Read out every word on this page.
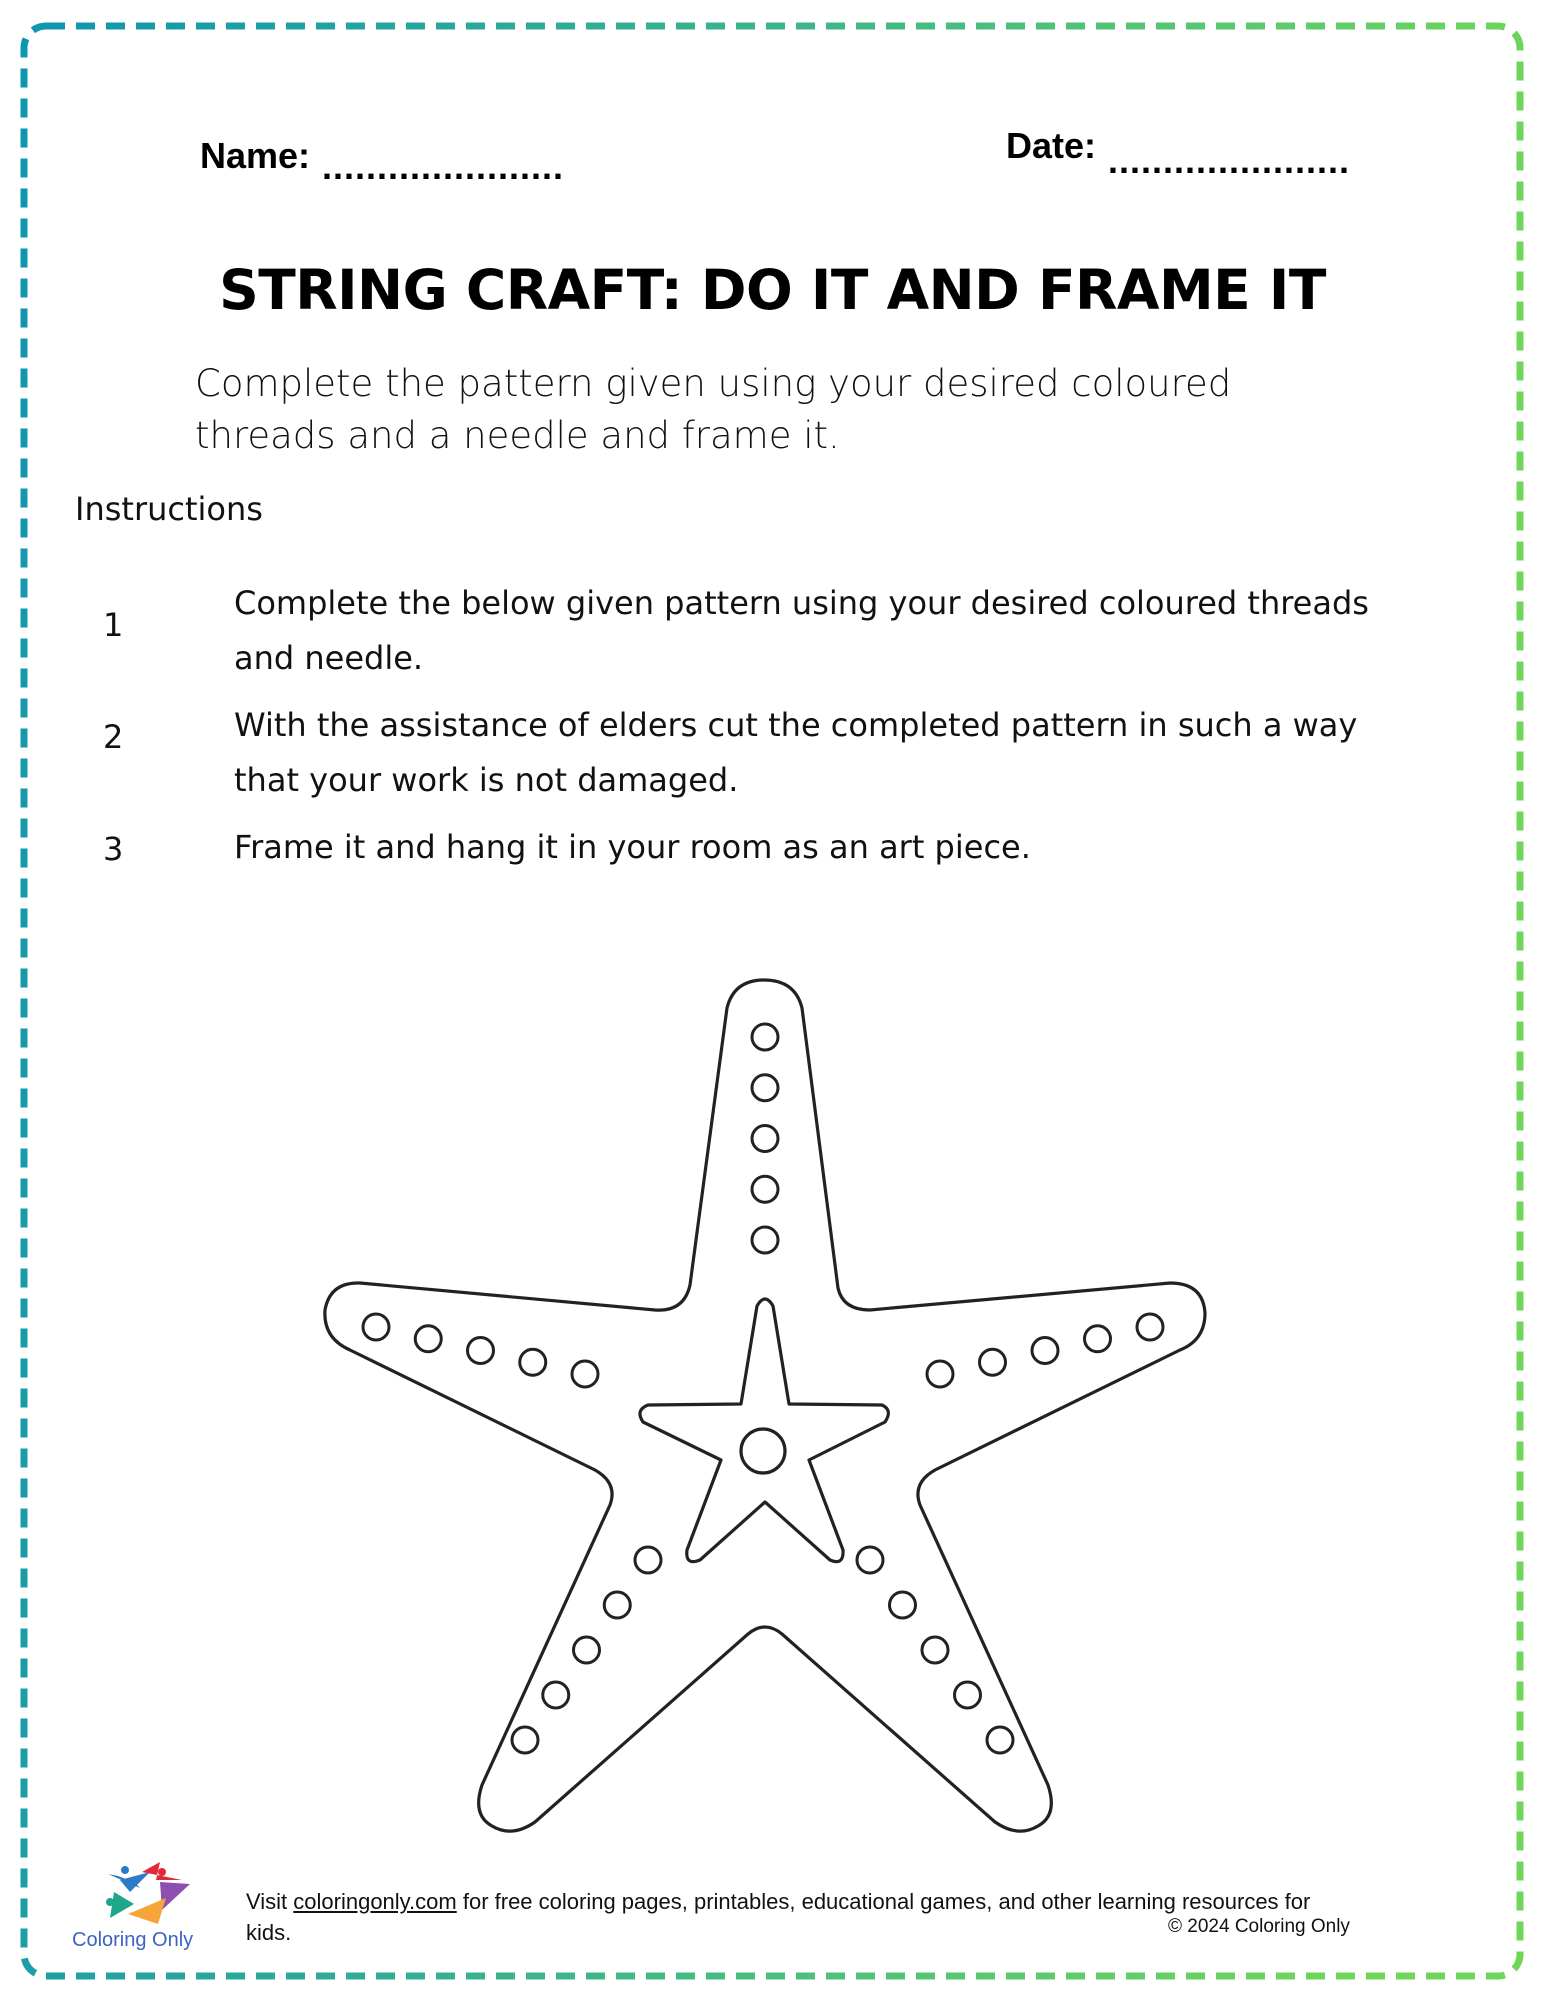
Name: ......................
Date: ......................
STRING CRAFT: DO IT AND FRAME IT
Complete the pattern given using your desired coloured
threads and a needle and frame it.
Instructions
1
Complete the below given pattern using your desired coloured threads
and needle.
2	With the assistance of elders cut the completed pattern in such a way
that your work is not damaged.
3	Frame it and hang it in your room as an art piece.
Coloring Only
Visit coloringonly.com for free coloring pages, printables, educational games, and other learning resources for
kids.	© 2024 Coloring Only
